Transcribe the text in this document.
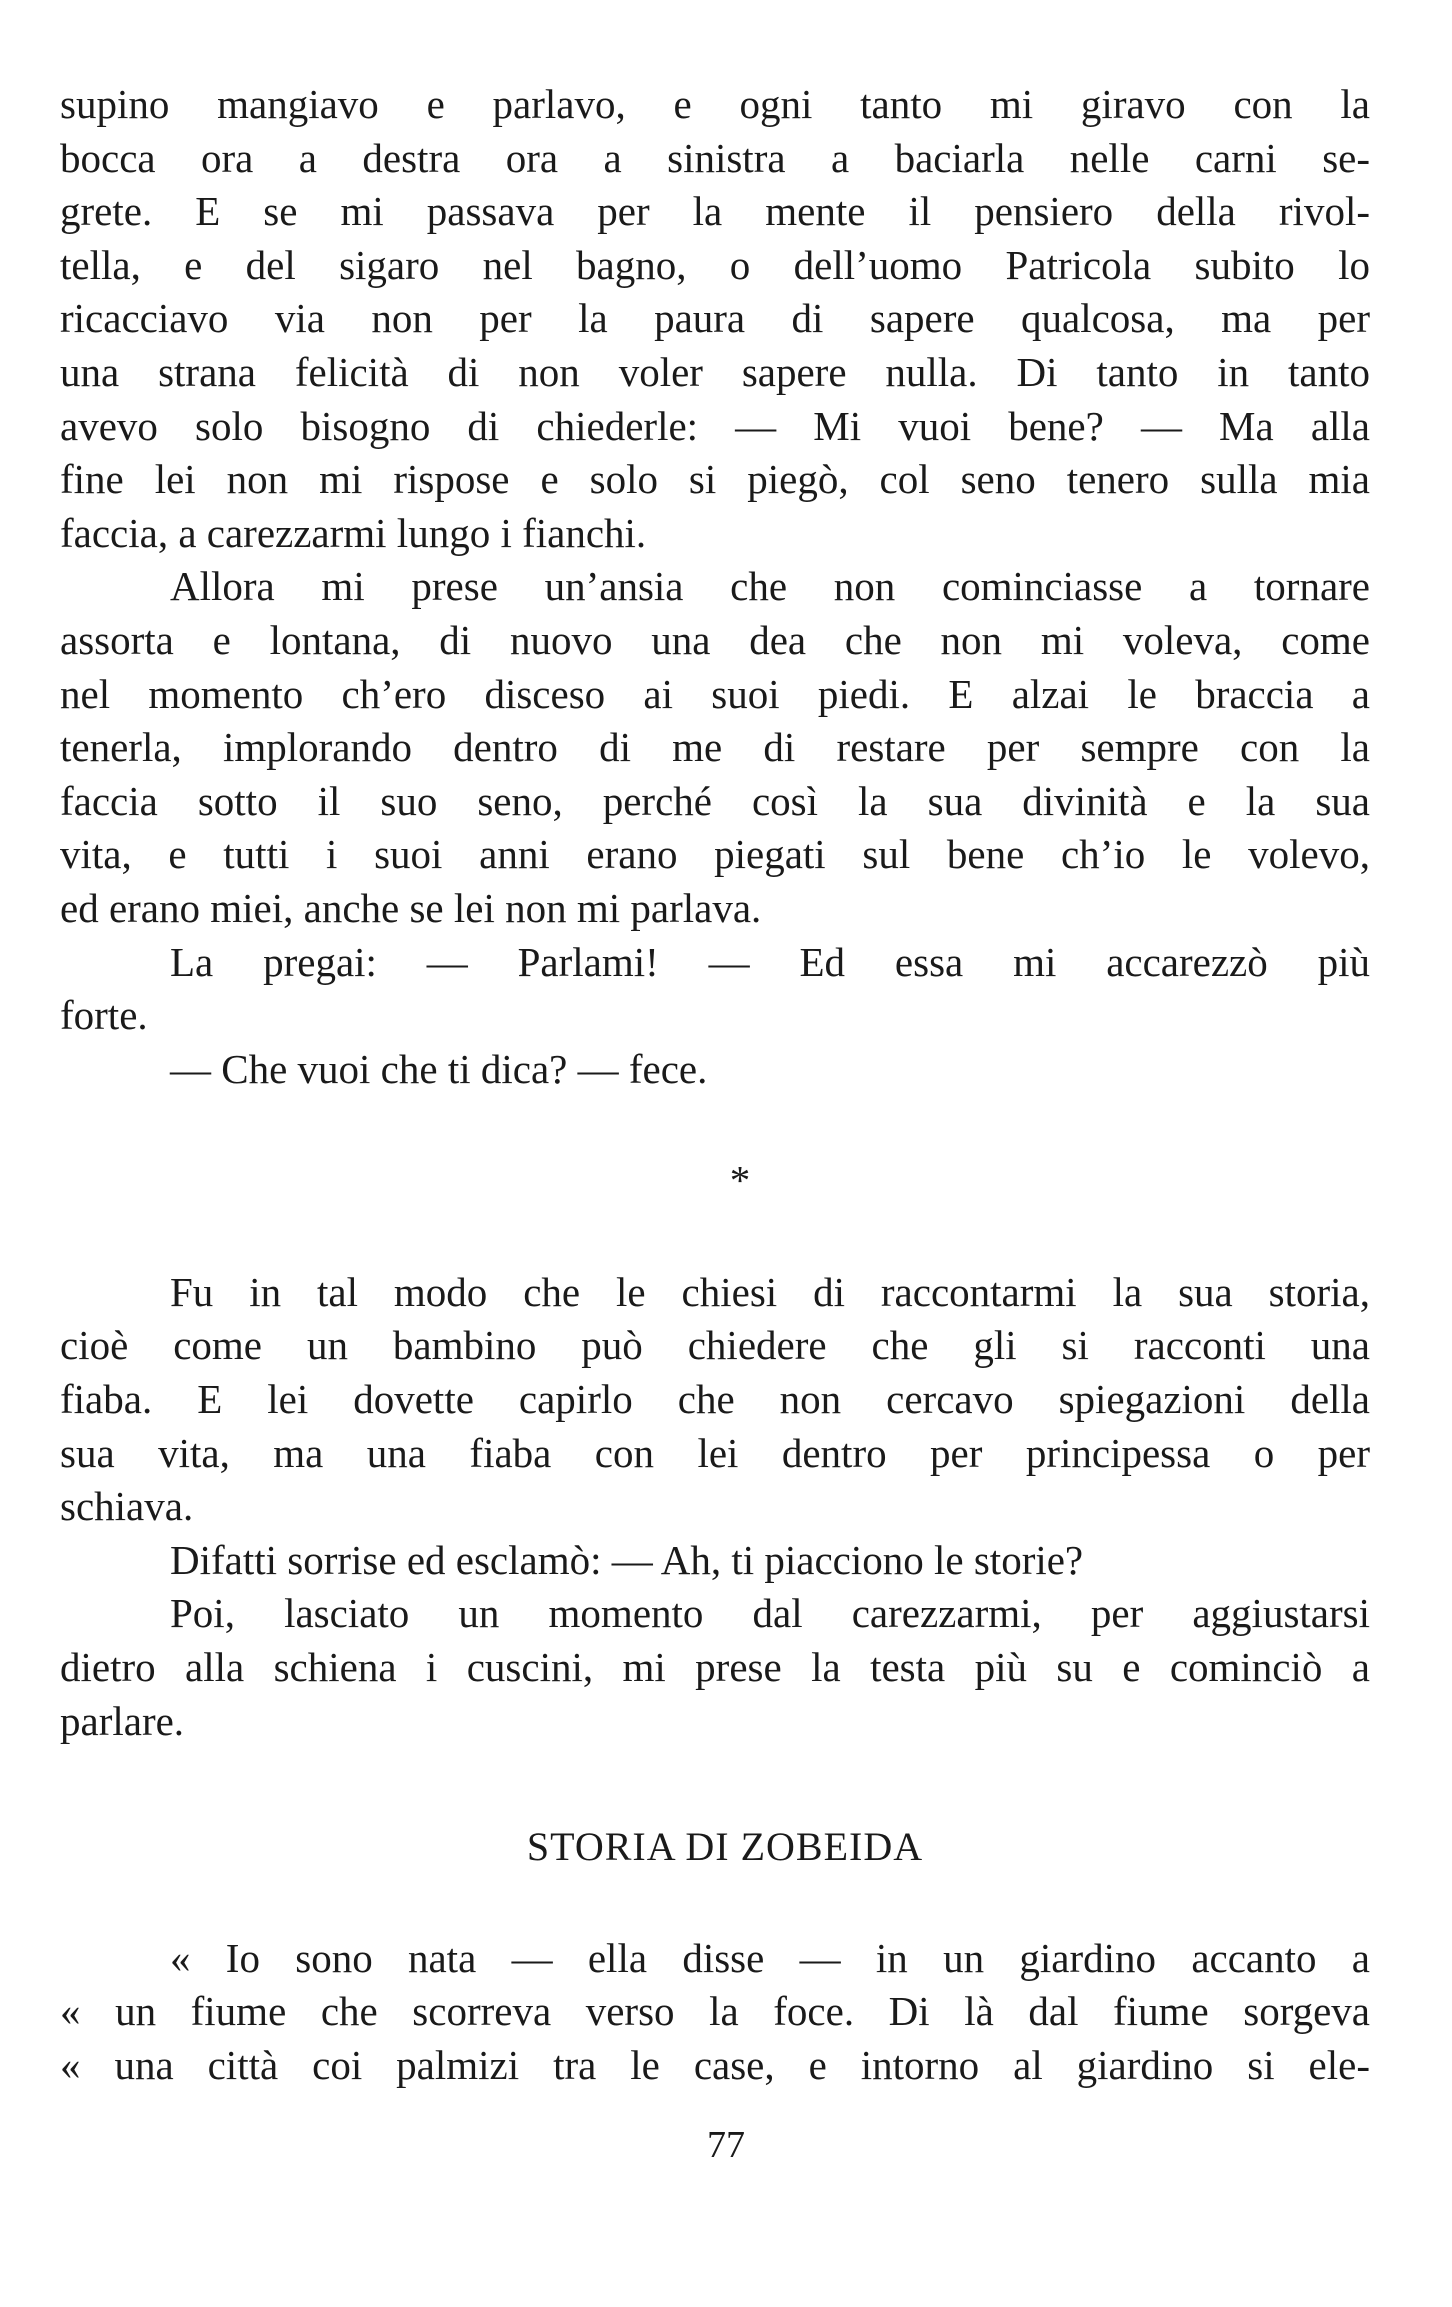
supino mangiavo e parlavo, e ogni tanto mi giravo con la
bocca ora a destra ora a sinistra a baciarla nelle carni se-
grete. E se mi passava per la mente il pensiero della rivol-
tella, e del sigaro nel bagno, o dell’uomo Patricola subito lo
ricacciavo via non per la paura di sapere qualcosa, ma per
una strana felicità di non voler sapere nulla. Di tanto in tanto
avevo solo bisogno di chiederle: — Mi vuoi bene? — Ma alla
fine lei non mi rispose e solo si piegò, col seno tenero sulla mia
faccia, a carezzarmi lungo i fianchi.
Allora mi prese un’ansia che non cominciasse a tornare
assorta e lontana, di nuovo una dea che non mi voleva, come
nel momento ch’ero disceso ai suoi piedi. E alzai le braccia a
tenerla, implorando dentro di me di restare per sempre con la
faccia sotto il suo seno, perché così la sua divinità e la sua
vita, e tutti i suoi anni erano piegati sul bene ch’io le volevo,
ed erano miei, anche se lei non mi parlava.
La pregai: — Parlami! — Ed essa mi accarezzò più
forte.
— Che vuoi che ti dica? — fece.
*
Fu in tal modo che le chiesi di raccontarmi la sua storia,
cioè come un bambino può chiedere che gli si racconti una
fiaba. E lei dovette capirlo che non cercavo spiegazioni della
sua vita, ma una fiaba con lei dentro per principessa o per
schiava.
Difatti sorrise ed esclamò: — Ah, ti piacciono le storie?
Poi, lasciato un momento dal carezzarmi, per aggiustarsi
dietro alla schiena i cuscini, mi prese la testa più su e cominciò a
parlare.
STORIA DI ZOBEIDA
« Io sono nata — ella disse — in un giardino accanto a
« un fiume che scorreva verso la foce. Di là dal fiume sorgeva
« una città coi palmizi tra le case, e intorno al giardino si ele-
77
